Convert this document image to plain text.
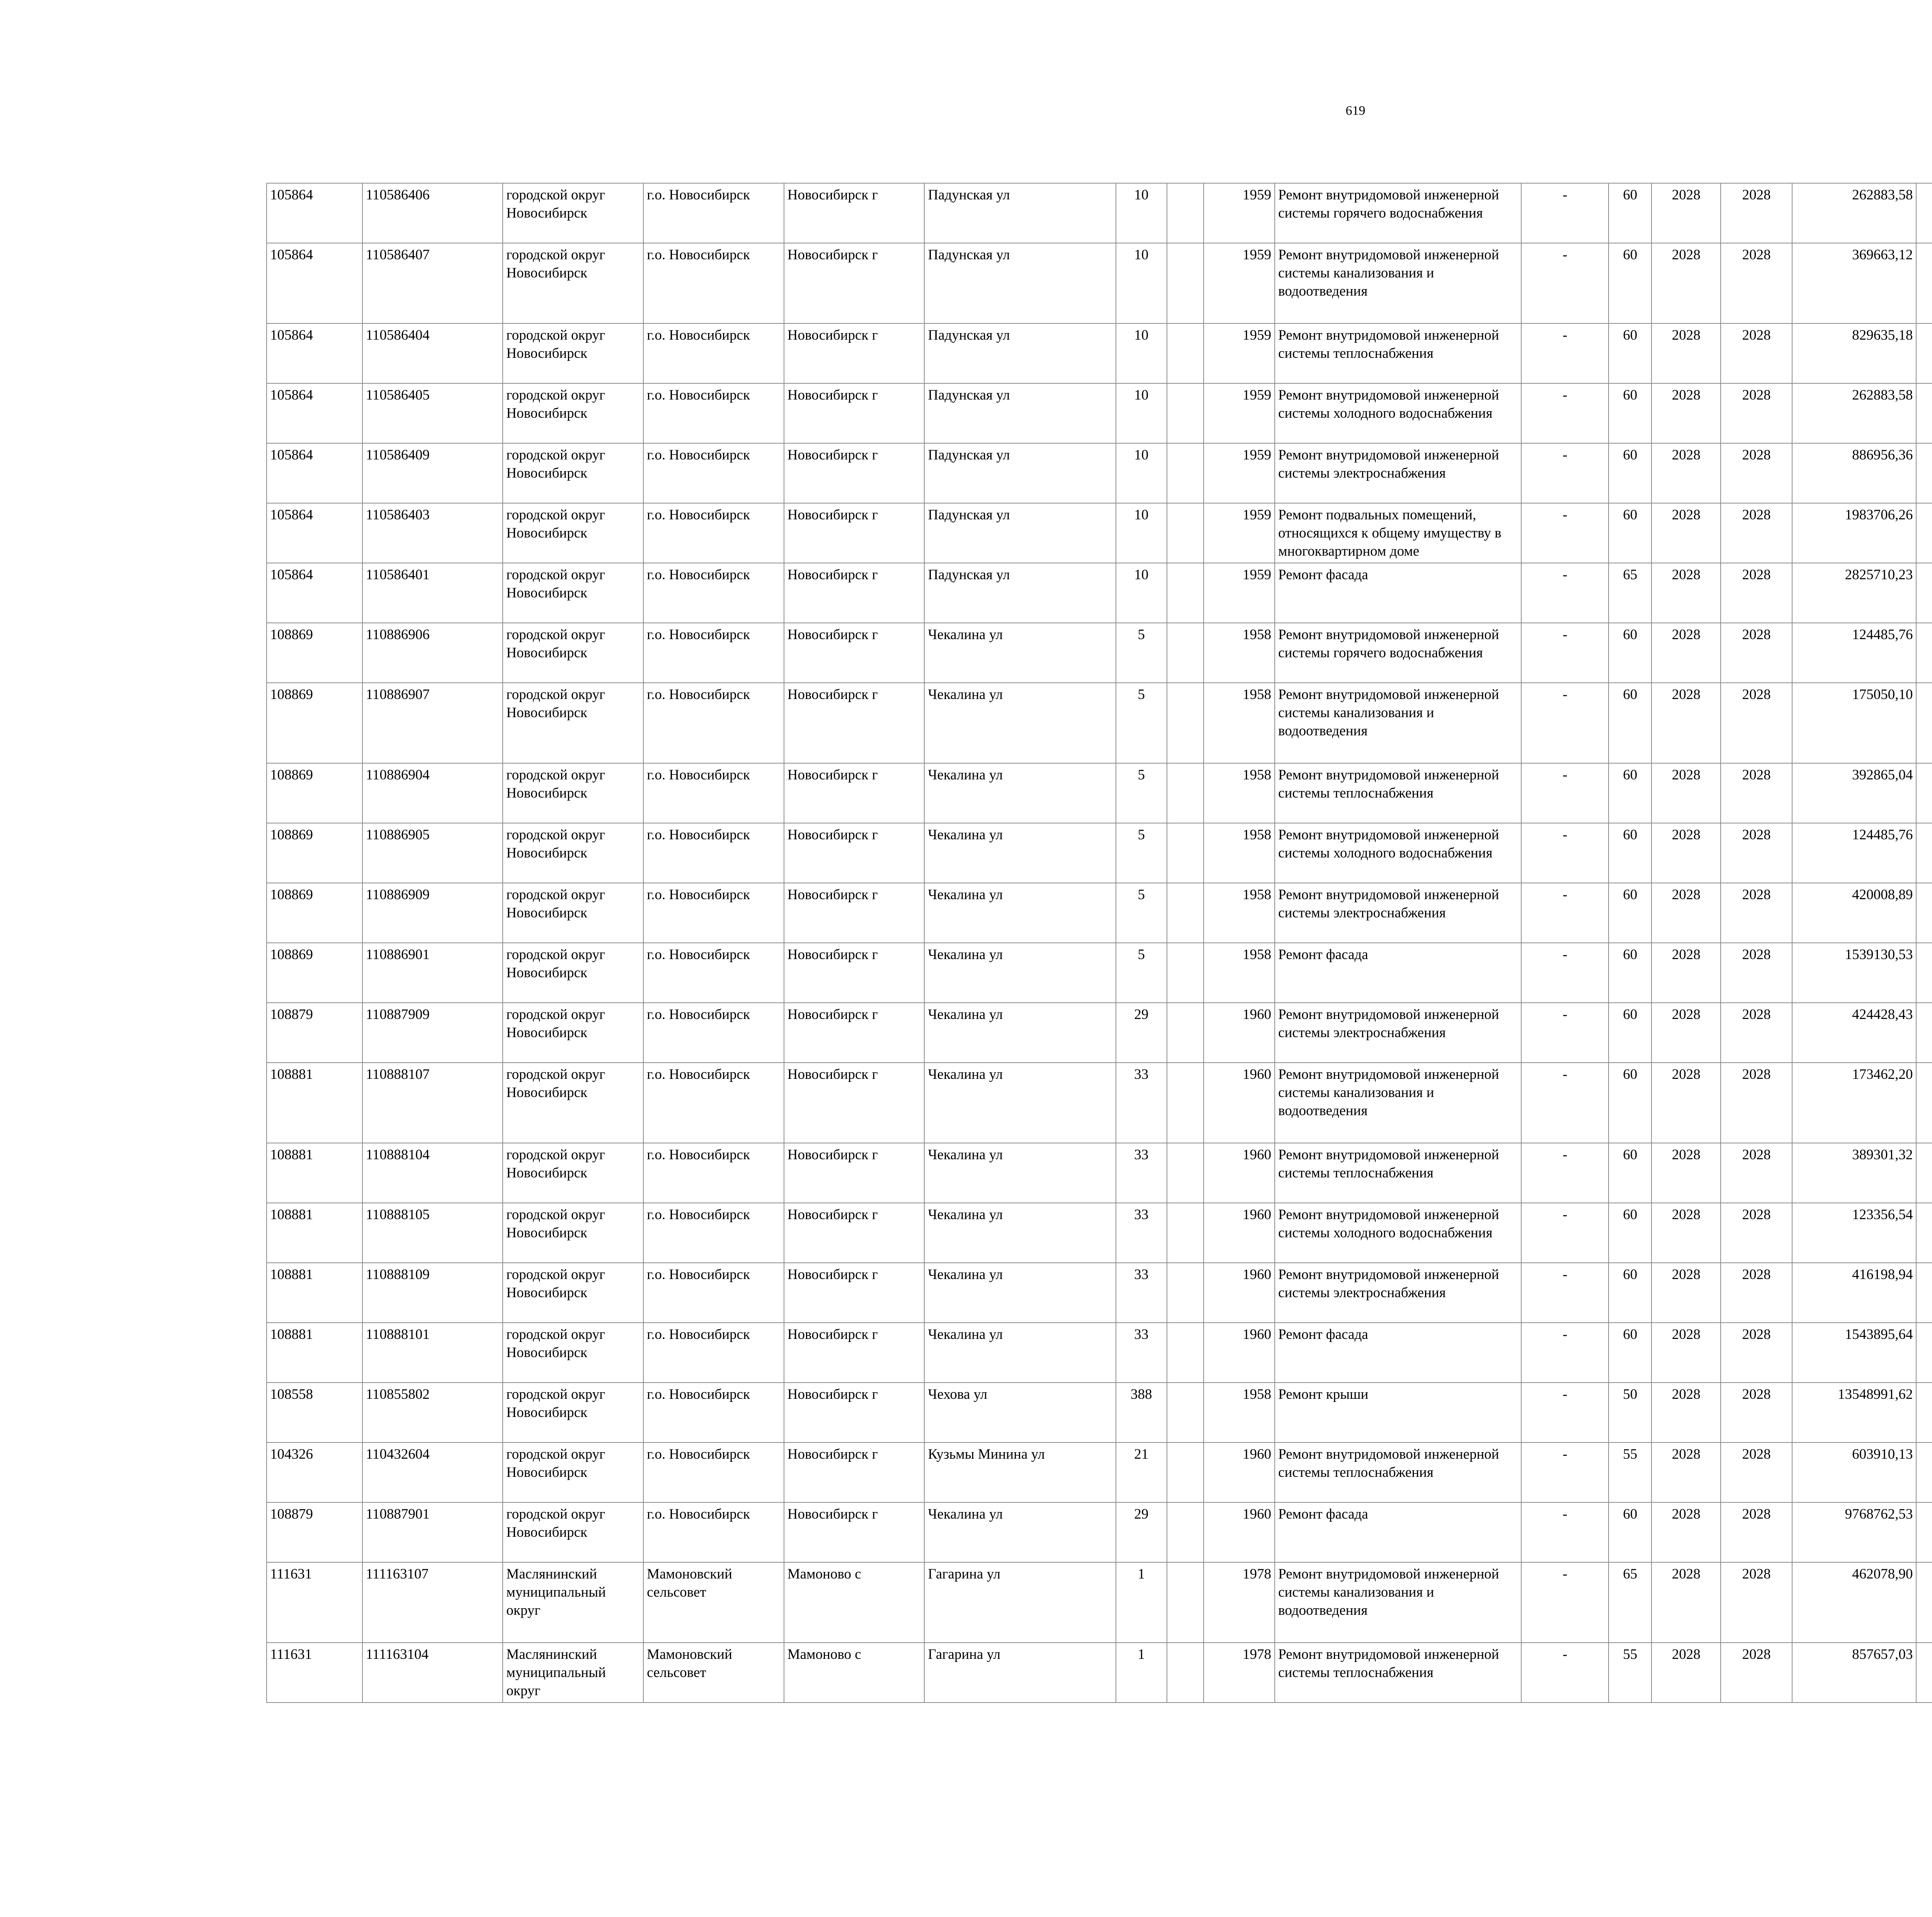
619
105864	110586406	городской округ Новосибирск	г.о. Новосибирск	Новосибирск г	Падунская ул	10		1959	Ремонт внутридомовой инженерной системы горячего водоснабжения	-	60	2028	2028	262883,58						
105864	110586407	городской округ Новосибирск	г.о. Новосибирск	Новосибирск г	Падунская ул	10		1959	Ремонт внутридомовой инженерной системы канализования и водоотведения	-	60	2028	2028	369663,12						
105864	110586404	городской округ Новосибирск	г.о. Новосибирск	Новосибирск г	Падунская ул	10		1959	Ремонт внутридомовой инженерной системы теплоснабжения	-	60	2028	2028	829635,18						
105864	110586405	городской округ Новосибирск	г.о. Новосибирск	Новосибирск г	Падунская ул	10		1959	Ремонт внутридомовой инженерной системы холодного водоснабжения	-	60	2028	2028	262883,58						
105864	110586409	городской округ Новосибирск	г.о. Новосибирск	Новосибирск г	Падунская ул	10		1959	Ремонт внутридомовой инженерной системы электроснабжения	-	60	2028	2028	886956,36						
105864	110586403	городской округ Новосибирск	г.о. Новосибирск	Новосибирск г	Падунская ул	10		1959	Ремонт подвальных помещений, относящихся к общему имуществу в многоквартирном доме	-	60	2028	2028	1983706,26						
105864	110586401	городской округ Новосибирск	г.о. Новосибирск	Новосибирск г	Падунская ул	10		1959	Ремонт фасада	-	65	2028	2028	2825710,23						
108869	110886906	городской округ Новосибирск	г.о. Новосибирск	Новосибирск г	Чекалина ул	5		1958	Ремонт внутридомовой инженерной системы горячего водоснабжения	-	60	2028	2028	124485,76						
108869	110886907	городской округ Новосибирск	г.о. Новосибирск	Новосибирск г	Чекалина ул	5		1958	Ремонт внутридомовой инженерной системы канализования и водоотведения	-	60	2028	2028	175050,10						
108869	110886904	городской округ Новосибирск	г.о. Новосибирск	Новосибирск г	Чекалина ул	5		1958	Ремонт внутридомовой инженерной системы теплоснабжения	-	60	2028	2028	392865,04						
108869	110886905	городской округ Новосибирск	г.о. Новосибирск	Новосибирск г	Чекалина ул	5		1958	Ремонт внутридомовой инженерной системы холодного водоснабжения	-	60	2028	2028	124485,76						
108869	110886909	городской округ Новосибирск	г.о. Новосибирск	Новосибирск г	Чекалина ул	5		1958	Ремонт внутридомовой инженерной системы электроснабжения	-	60	2028	2028	420008,89						
108869	110886901	городской округ Новосибирск	г.о. Новосибирск	Новосибирск г	Чекалина ул	5		1958	Ремонт фасада	-	60	2028	2028	1539130,53						
108879	110887909	городской округ Новосибирск	г.о. Новосибирск	Новосибирск г	Чекалина ул	29		1960	Ремонт внутридомовой инженерной системы электроснабжения	-	60	2028	2028	424428,43						
108881	110888107	городской округ Новосибирск	г.о. Новосибирск	Новосибирск г	Чекалина ул	33		1960	Ремонт внутридомовой инженерной системы канализования и водоотведения	-	60	2028	2028	173462,20						
108881	110888104	городской округ Новосибирск	г.о. Новосибирск	Новосибирск г	Чекалина ул	33		1960	Ремонт внутридомовой инженерной системы теплоснабжения	-	60	2028	2028	389301,32						
108881	110888105	городской округ Новосибирск	г.о. Новосибирск	Новосибирск г	Чекалина ул	33		1960	Ремонт внутридомовой инженерной системы холодного водоснабжения	-	60	2028	2028	123356,54						
108881	110888109	городской округ Новосибирск	г.о. Новосибирск	Новосибирск г	Чекалина ул	33		1960	Ремонт внутридомовой инженерной системы электроснабжения	-	60	2028	2028	416198,94						
108881	110888101	городской округ Новосибирск	г.о. Новосибирск	Новосибирск г	Чекалина ул	33		1960	Ремонт фасада	-	60	2028	2028	1543895,64						
108558	110855802	городской округ Новосибирск	г.о. Новосибирск	Новосибирск г	Чехова ул	388		1958	Ремонт крыши	-	50	2028	2028	13548991,62						
104326	110432604	городской округ Новосибирск	г.о. Новосибирск	Новосибирск г	Кузьмы Минина ул	21		1960	Ремонт внутридомовой инженерной системы теплоснабжения	-	55	2028	2028	603910,13						
108879	110887901	городской округ Новосибирск	г.о. Новосибирск	Новосибирск г	Чекалина ул	29		1960	Ремонт фасада	-	60	2028	2028	9768762,53						
111631	111163107	Маслянинский муниципальный округ	Мамоновский сельсовет	Мамоново с	Гагарина ул	1		1978	Ремонт внутридомовой инженерной системы канализования и водоотведения	-	65	2028	2028	462078,90						
111631	111163104	Маслянинский муниципальный округ	Мамоновский сельсовет	Мамоново с	Гагарина ул	1		1978	Ремонт внутридомовой инженерной системы теплоснабжения	-	55	2028	2028	857657,03						
